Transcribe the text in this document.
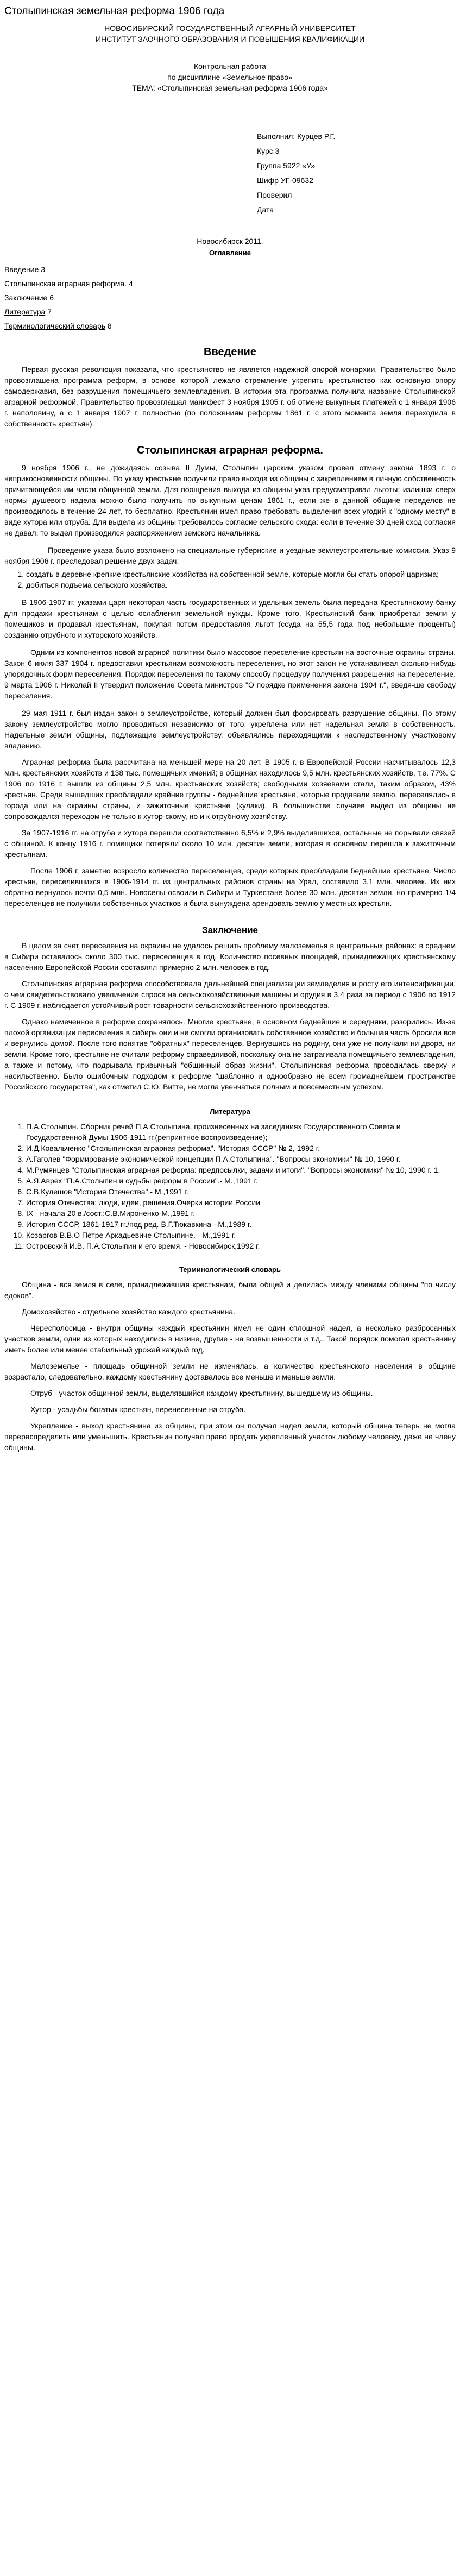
Столыпинская земельная реформа 1906 года
НОВОСИБИРСКИЙ ГОСУДАРСТВЕННЫЙ АГРАРНЫЙ УНИВЕРСИТЕТ
ИНСТИТУТ ЗАОЧНОГО ОБРАЗОВАНИЯ И ПОВЫШЕНИЯ КВАЛИФИКАЦИИ
Контрольная работа
по дисциплине «Земельное право»
ТЕМА: «Столыпинская земельная реформа 1906 года»
Выполнил: Курцев Р.Г.
Курс 3
Группа 5922 «У»
Шифр УГ-09632
Проверил
Дата
Новосибирск 2011.
Оглавление
Введение 3
Столыпинская аграрная реформа. 4
Заключение 6
Литература 7
Терминологический словарь 8
Введение
Первая русская революция показала, что крестьянство не является надежной опорой монархии. Правительство было провозглашена программа реформ, в основе которой лежало стремление укрепить крестьянство как основную опору самодержавия, без разрушения помещичьего землевладения. В истории эта программа получила название Столыпинской аграрной реформой. Правительство провозглашал манифест 3 ноября 1905 г. об отмене выкупных платежей с 1 января 1906 г. наполовину, а с 1 января 1907 г. полностью (по положениям реформы 1861 г. с этого момента земля переходила в собственность крестьян).
Столыпинская аграрная реформа.
9 ноября 1906 г., не дожидаясь созыва II Думы, Столыпин царским указом провел отмену закона 1893 г. о неприкосновенности общины. По указу крестьяне получили право выхода из общины с закреплением в личную собственность причитающейся им части общинной земли. Для поощрения выхода из общины указ предусматривал льготы: излишки сверх нормы душевого надела можно было получить по выкупным ценам 1861 г., если же в данной общине переделов не производилось в течение 24 лет, то бесплатно. Крестьянин имел право требовать выделения всех угодий к "одному месту" в виде хутора или отруба. Для выдела из общины требовалось согласие сельского схода: если в течение 30 дней сход согласия не давал, то выдел производился распоряжением земского начальника.
Проведение указа было возложено на специальные губернские и уездные землеустроительные комиссии. Указ 9 ноября 1906 г. преследовал решение двух задач:
1. создать в деревне крепкие крестьянские хозяйства на собственной земле, которые могли бы стать опорой царизма;
2. добиться подъема сельского хозяйства.
В 1906-1907 гг. указами царя некоторая часть государственных и удельных земель была передана Крестьянскому банку для продажи крестьянам с целью ослабления земельной нужды. Кроме того, Крестьянский банк приобретал земли у помещиков и продавал крестьянам, покупая потом предоставляя льгот (ссуда на 55,5 года под небольшие проценты) созданию отрубного и хуторского хозяйств.
Одним из компонентов новой аграрной политики было массовое переселение крестьян на восточные окраины страны. Закон 6 июля 337 1904 г. предоставил крестьянам возможность переселения, но этот закон не устанавливал сколько-нибудь упорядочных форм переселения. Порядок переселения по такому способу процедуру получения разрешения на переселение. 9 марта 1906 г. Николай II утвердил положение Совета министров "О порядке применения закона 1904 г.", введя-ше свободу переселения.
29 мая 1911 г. был издан закон о землеустройстве, который должен был форсировать разрушение общины. По этому закону землеустройство могло проводиться независимо от того, укреплена или нет надельная земля в собственность. Надельные земли общины, подлежащие землеустройству, объявлялись переходящими к наследственному участковому владению.
Аграрная реформа была рассчитана на меньшей мере на 20 лет. В 1905 г. в Европейской России насчитывалось 12,3 млн. крестьянских хозяйств и 138 тыс. помещичьих имений; в общинах находилось 9,5 млн. крестьянских хозяйств, т.е. 77%. С 1906 по 1916 г. вышли из общины 2,5 млн. крестьянских хозяйств; свободными хозяевами стали, таким образом, 43% крестьян. Среди вышедших преобладали крайние группы - беднейшие крестьяне, которые продавали землю, переселялись в города или на окраины страны, и зажиточные крестьяне (кулаки). В большинстве случаев выдел из общины не сопровождался переходом не только к хутор-скому, но и к отрубному хозяйству.
За 1907-1916 гг. на отруба и хутора перешли соответственно 6,5% и 2,9% выделившихся, остальные не порывали связей с общиной. К концу 1916 г. помещики потеряли около 10 млн. десятин земли, которая в основном перешла к зажиточным крестьянам.
После 1906 г. заметно возросло количество переселенцев, среди которых преобладали беднейшие крестьяне. Число крестьян, переселившихся в 1906-1914 гг. из центральных районов страны на Урал, составило 3,1 млн. человек. Их них обратно вернулось почти 0,5 млн. Новоселы освоили в Сибири и Туркестане более 30 млн. десятин земли, но примерно 1/4 переселенцев не получили собственных участков и была вынуждена арендовать землю у местных крестьян.
Заключение
В целом за счет переселения на окраины не удалось решить проблему малоземелья в центральных районах: в среднем в Сибири оставалось около 300 тыс. переселенцев в год. Количество посевных площадей, принадлежащих крестьянскому населению Европейской России составлял примерно 2 млн. человек в год.
Столыпинская аграрная реформа способствовала дальнейшей специализации земледелия и росту его интенсификации, о чем свидетельствовало увеличение спроса на сельскохозяйственные машины и орудия в 3,4 раза за период с 1906 по 1912 г. С 1909 г. наблюдается устойчивый рост товарности сельскохозяйственного производства.
Однако намеченное в реформе сохранялось. Многие крестьяне, в основном беднейшие и середняки, разорились. Из-за плохой организации переселения в сибирь они и не смогли организовать собственное хозяйство и большая часть бросили все и вернулись домой. После того понятие "обратных" переселенцев. Вернувшись на родину, они уже не получали ни двора, ни земли. Кроме того, крестьяне не считали реформу справедливой, поскольку она не затрагивала помещичьего землевладения, а также и потому, что подрывала привычный "общинный образ жизни". Столыпинская реформа проводилась сверху и насильственно. Было ошибочным подходом к реформе "шаблонно и однообразно не всем громаднейшем пространстве Российского государства", как отметил С.Ю. Витте, не могла увенчаться полным и повсеместным успехом.
Литература
1. П.А.Столыпин. Сборник речей П.А.Столыпина, произнесенных на заседаниях Государственного Совета и Государственной Думы 1906-1911 гг.(репринтное воспроизведение);
2. И.Д.Ковальченко "Столыпинская аграрная реформа". "История СССР" № 2, 1992 г.
3. А.Гаголев "Формирование экономической концепции П.А.Столыпина". "Вопросы экономики" № 10, 1990 г.
4. М.Румянцев "Столыпинская аграрная реформа: предпосылки, задачи и итоги". "Вопросы экономики" № 10, 1990 г. 1.
5. А.Я.Аврех "П.А.Столыпин и судьбы реформ в России".- М.,1991 г.
6. С.В.Кулешов "История Отечества".- М.,1991 г.
7. История Отечества: люди, идеи, решения.Очерки истории России
8. IX - начала 20 в./сост.:С.В.Мироненко-М.,1991 г.
9. История СССР, 1861-1917 гг./под ред. В.Г.Тюкавкина - М.,1989 г.
10. Козаргов В.В.О Петре Аркадьевиче Столыпине. - М.,1991 г.
11. Островский И.В. П.А.Столыпин и его время. - Новосибирск,1992 г.
Терминологический словарь
Община - вся земля в селе, принадлежавшая крестьянам, была общей и делилась между членами общины "по числу едоков".
Домохозяйство - отдельное хозяйство каждого крестьянина.
Чересполосица - внутри общины каждый крестьянин имел не один сплошной надел, а несколько разбросанных участков земли, одни из которых находились в низине, другие - на возвышенности и т.д.. Такой порядок помогал крестьянину иметь более или менее стабильный урожай каждый год.
Малоземелье - площадь общинной земли не изменялась, а количество крестьянского населения в общине возрастало, следовательно, каждому крестьянину доставалось все меньше и меньше земли.
Отруб - участок общинной земли, выделявшийся каждому крестьянину, вышедшему из общины.
Хутор - усадьбы богатых крестьян, перенесенные на отруба.
Укрепление - выход крестьянина из общины, при этом он получал надел земли, который община теперь не могла перераспределить или уменьшить. Крестьянин получал право продать укрепленный участок любому человеку, даже не члену общины.
